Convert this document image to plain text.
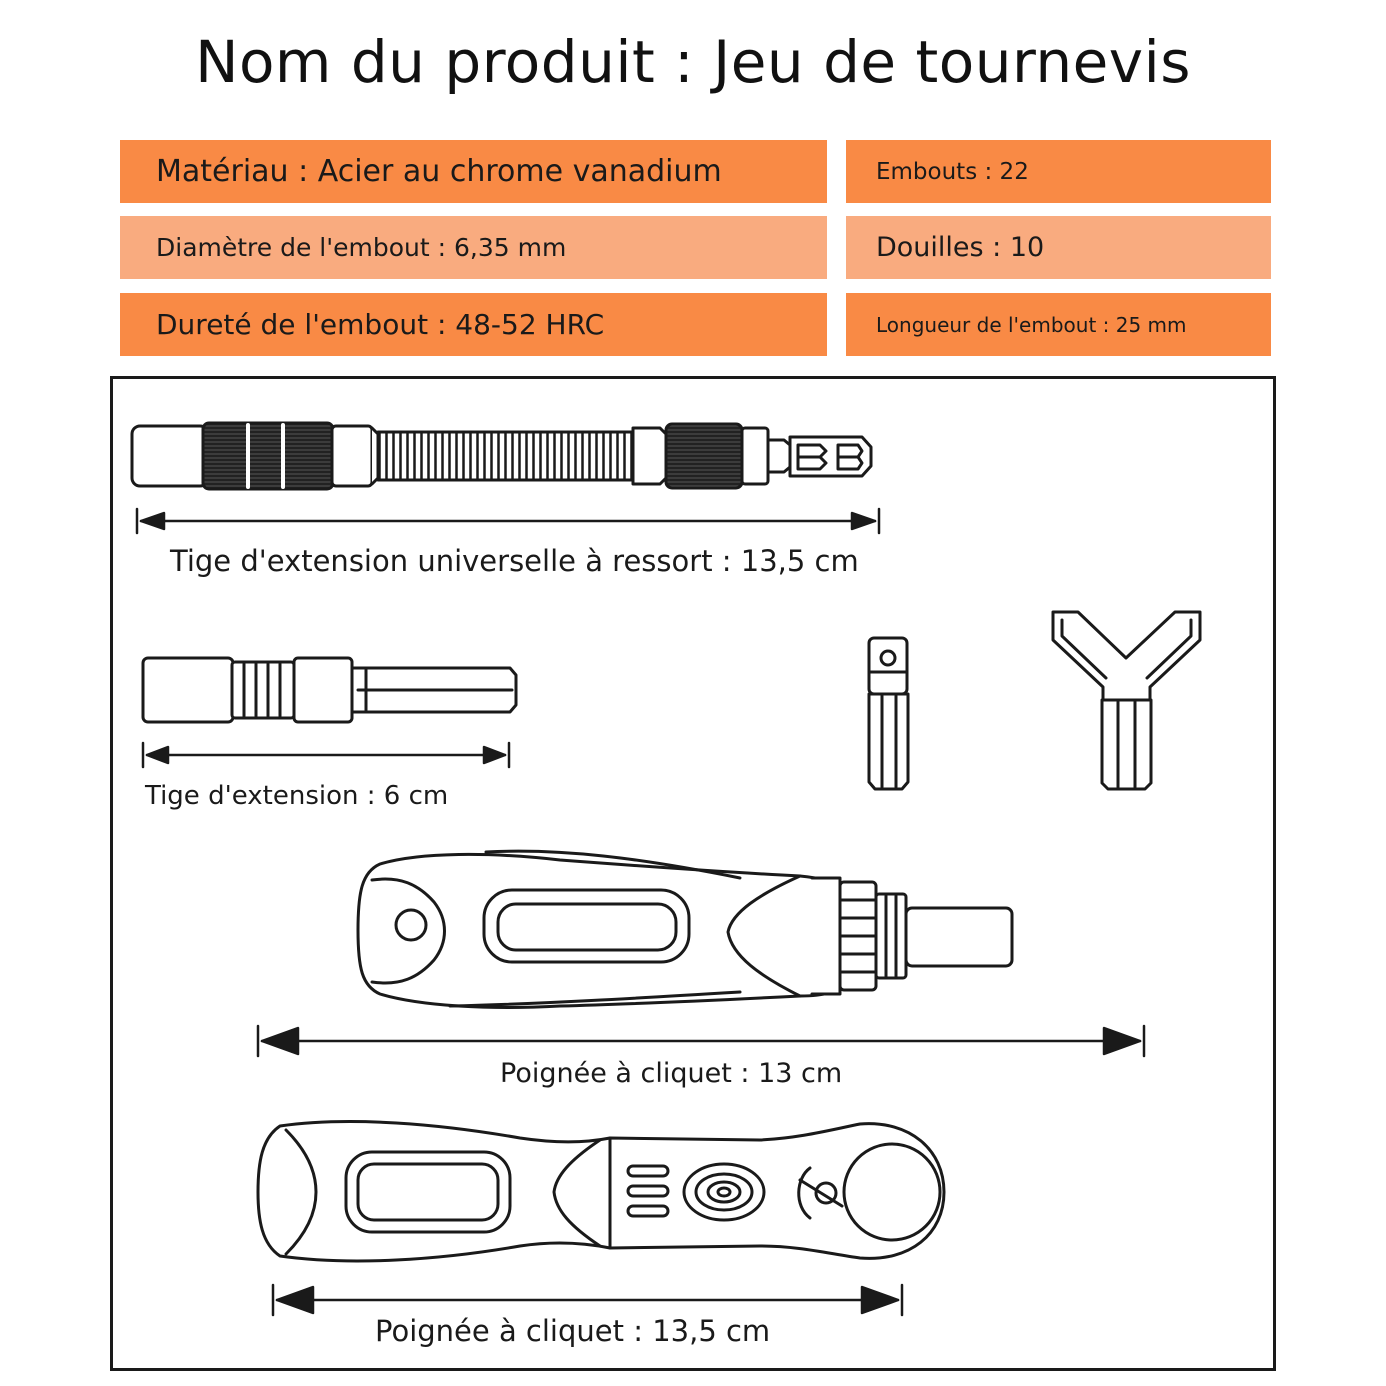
Nom du produit : Jeu de tournevis
Matériau : Acier au chrome vanadium	Embouts : 22
Diamètre de l'embout : 6,35 mm	Douilles : 10
Dureté de l'embout : 48-52 HRC	Longueur de l'embout : 25 mm
Tige d'extension universelle à ressort : 13,5 cm
Tige d'extension : 6 cm
Poignée à cliquet : 13 cm
Poignée à cliquet : 13,5 cm
